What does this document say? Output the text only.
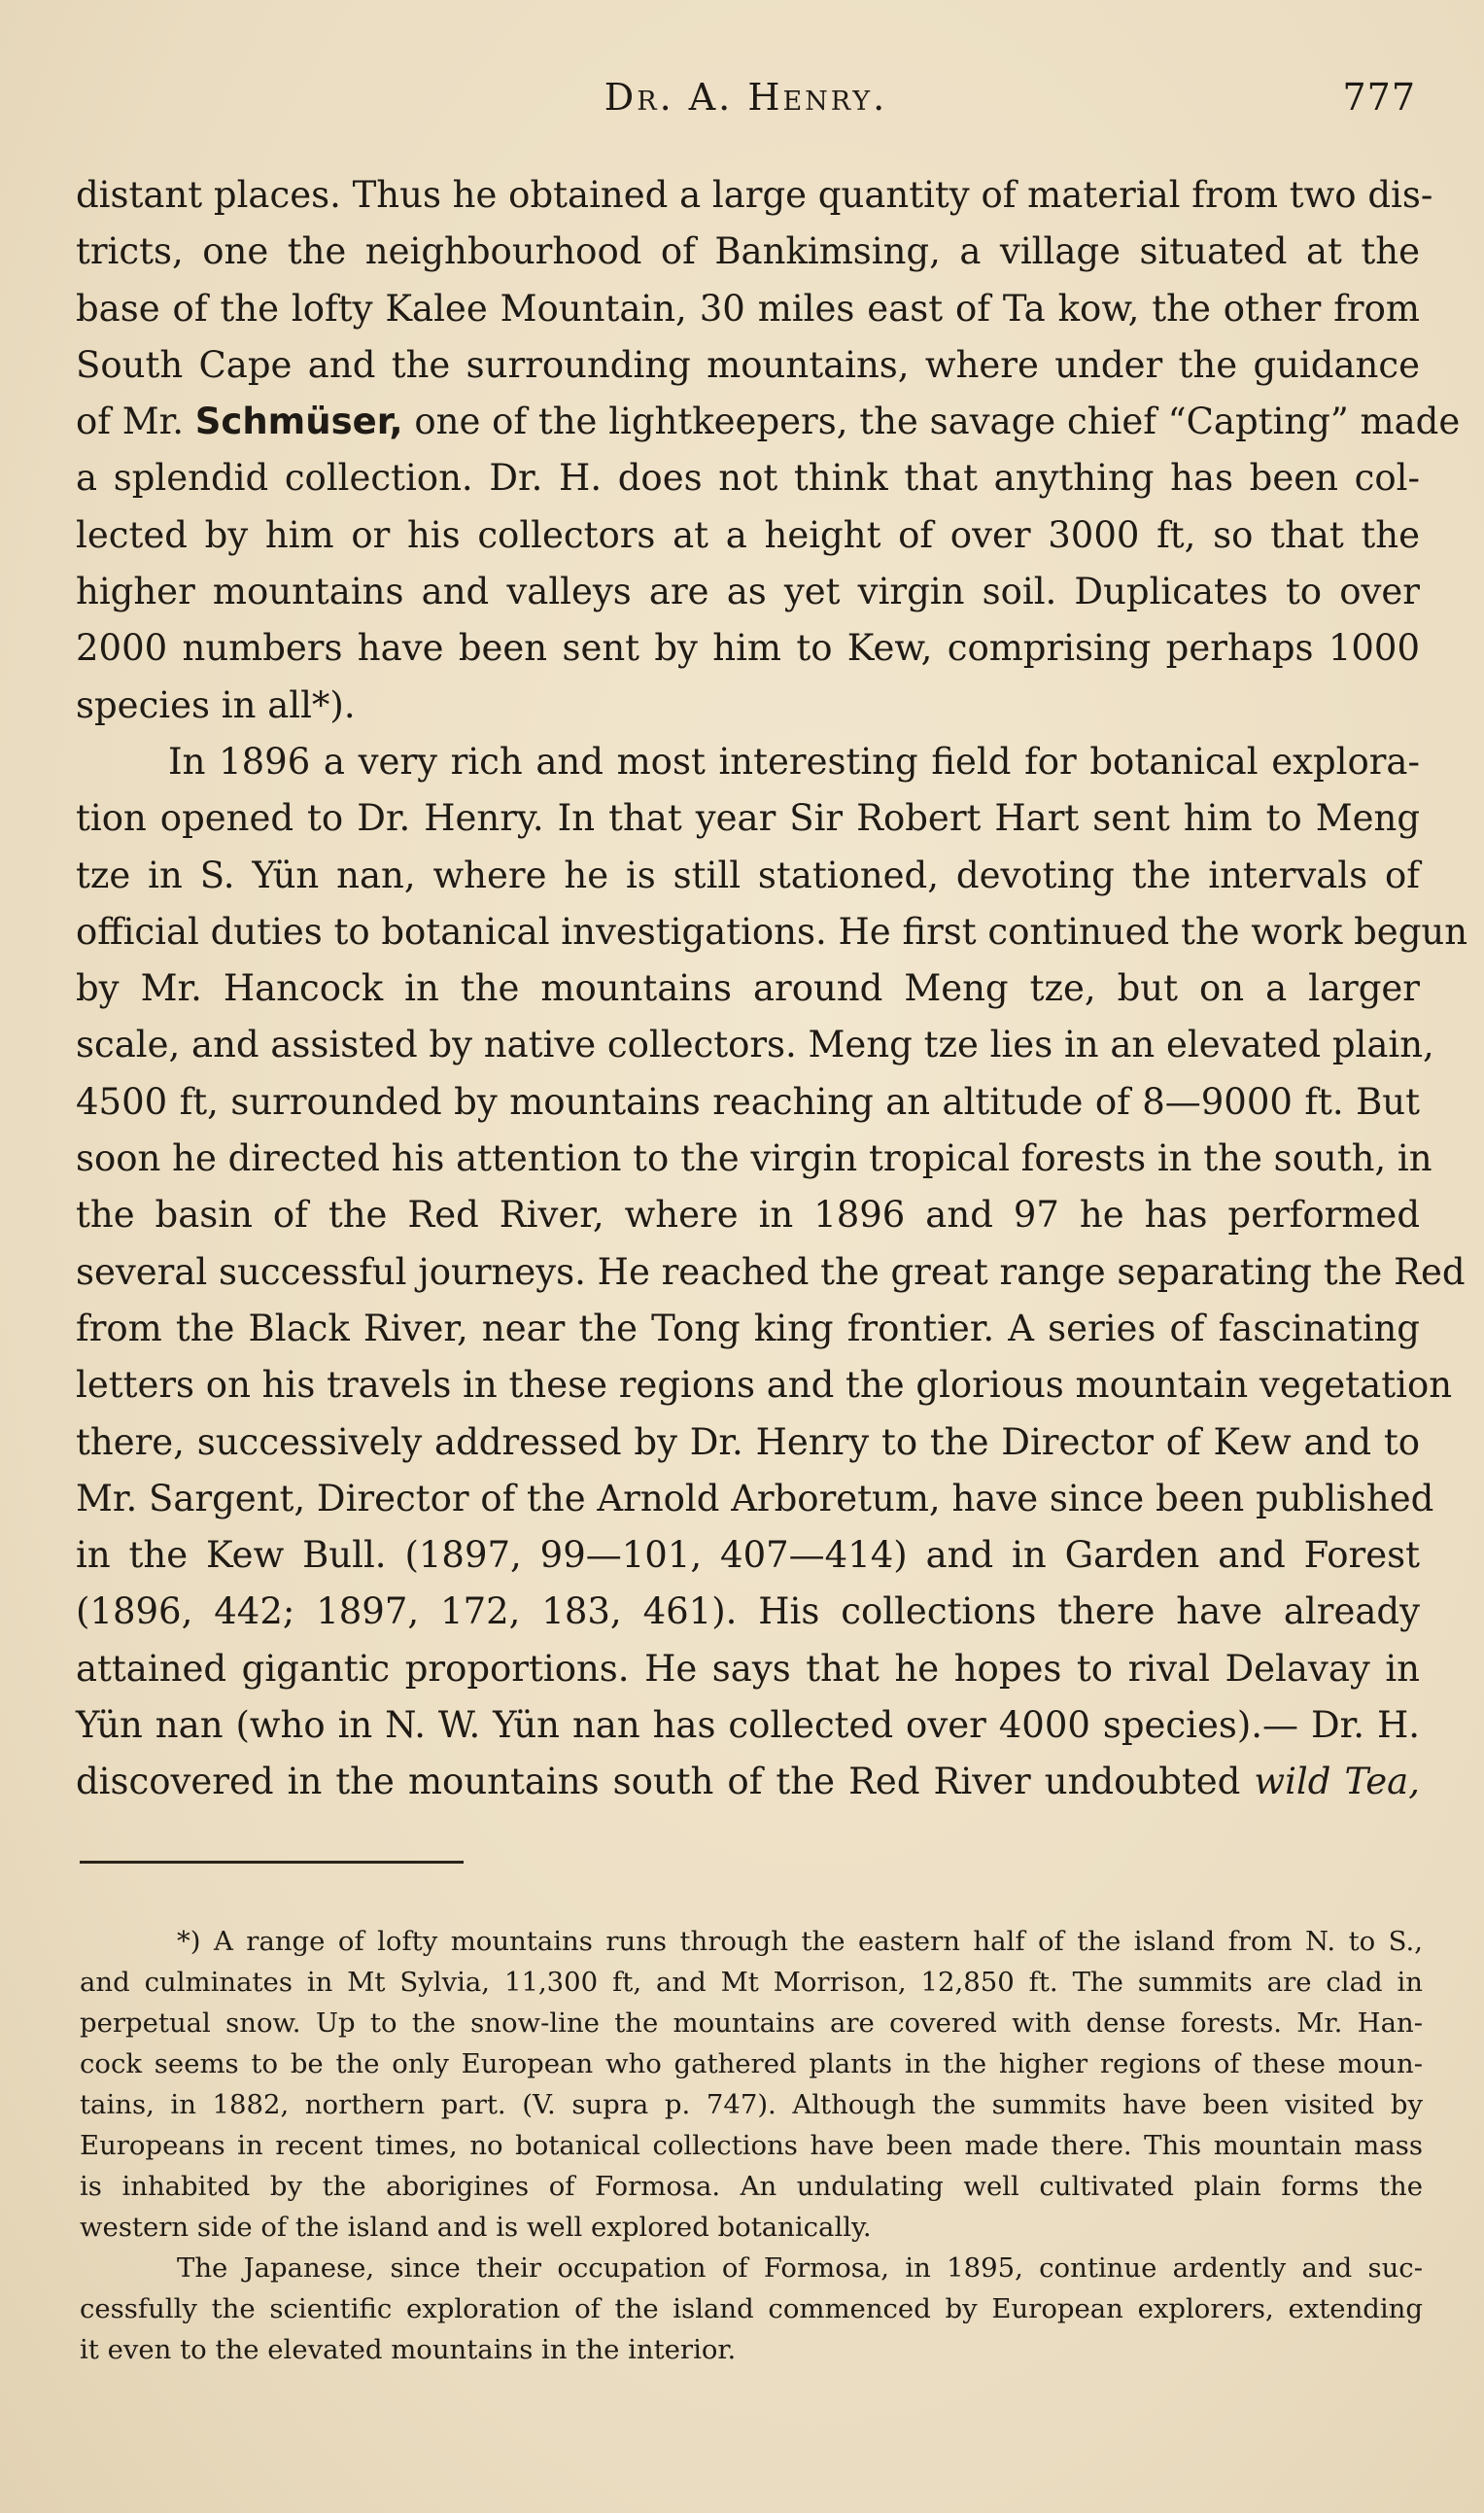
Dr. A. Henry.	777
distant places. Thus he obtained a large quantity of material from two dis-
tricts, one the neighbourhood of Bankimsing, a village situated at the
base of the lofty Kalee Mountain, 30 miles east of Ta kow, the other from
South Cape and the surrounding mountains, where under the guidance
of Mr. Schmüser, one of the lightkeepers, the savage chief “Capting” made
a splendid collection. Dr. H. does not think that anything has been col-
lected by him or his collectors at a height of over 3000 ft, so that the
higher mountains and valleys are as yet virgin soil. Duplicates to over
2000 numbers have been sent by him to Kew, comprising perhaps 1000
species in all*).
In 1896 a very rich and most interesting field for botanical explora-
tion opened to Dr. Henry. In that year Sir Robert Hart sent him to Meng
tze in S. Yün nan, where he is still stationed, devoting the intervals of
official duties to botanical investigations. He first continued the work begun
by Mr. Hancock in the mountains around Meng tze, but on a larger
scale, and assisted by native collectors. Meng tze lies in an elevated plain,
4500 ft, surrounded by mountains reaching an altitude of 8—9000 ft. But
soon he directed his attention to the virgin tropical forests in the south, in
the basin of the Red River, where in 1896 and 97 he has performed
several successful journeys. He reached the great range separating the Red
from the Black River, near the Tong king frontier. A series of fascinating
letters on his travels in these regions and the glorious mountain vegetation
there, successively addressed by Dr. Henry to the Director of Kew and to
Mr. Sargent, Director of the Arnold Arboretum, have since been published
in the Kew Bull. (1897, 99—101, 407—414) and in Garden and Forest
(1896, 442; 1897, 172, 183, 461). His collections there have already
attained gigantic proportions. He says that he hopes to rival Delavay in
Yün nan (who in N. W. Yün nan has collected over 4000 species).— Dr. H.
discovered in the mountains south of the Red River undoubted wild Tea,
*) A range of lofty mountains runs through the eastern half of the island from N. to S.,
and culminates in Mt Sylvia, 11,300 ft, and Mt Morrison, 12,850 ft. The summits are clad in
perpetual snow. Up to the snow-line the mountains are covered with dense forests. Mr. Han-
cock seems to be the only European who gathered plants in the higher regions of these moun-
tains, in 1882, northern part. (V. supra p. 747). Although the summits have been visited by
Europeans in recent times, no botanical collections have been made there. This mountain mass
is inhabited by the aborigines of Formosa. An undulating well cultivated plain forms the
western side of the island and is well explored botanically.
The Japanese, since their occupation of Formosa, in 1895, continue ardently and suc-
cessfully the scientific exploration of the island commenced by European explorers, extending
it even to the elevated mountains in the interior.
